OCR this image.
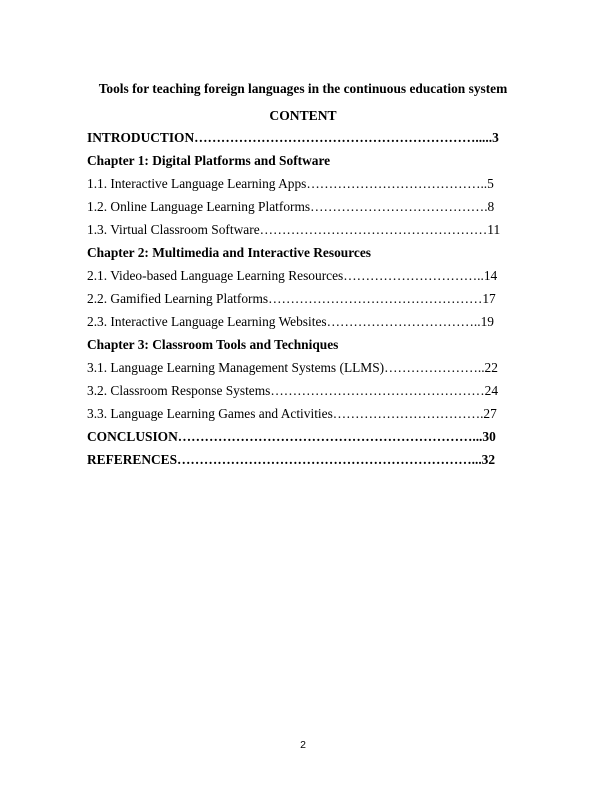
Tools for teaching foreign languages in the continuous education system
CONTENT
INTRODUCTION……………………………………………………….....3
Chapter 1: Digital Platforms and Software
1.1. Interactive Language Learning Apps…………………………………..5
1.2. Online Language Learning Platforms………………………………….8
1.3. Virtual Classroom Software……………………………………………11
Chapter 2: Multimedia and Interactive Resources
2.1. Video-based Language Learning Resources…………………………..14
2.2. Gamified Learning Platforms…………………………………………17
2.3. Interactive Language Learning Websites……………………………..19
Chapter 3: Classroom Tools and Techniques
3.1. Language Learning Management Systems (LLMS)…………………..22
3.2. Classroom Response Systems…………………………………………24
3.3. Language Learning Games and Activities…………………………….27
CONCLUSION…………………………………………………………...30
REFERENCES…………………………………………………………...32
2
